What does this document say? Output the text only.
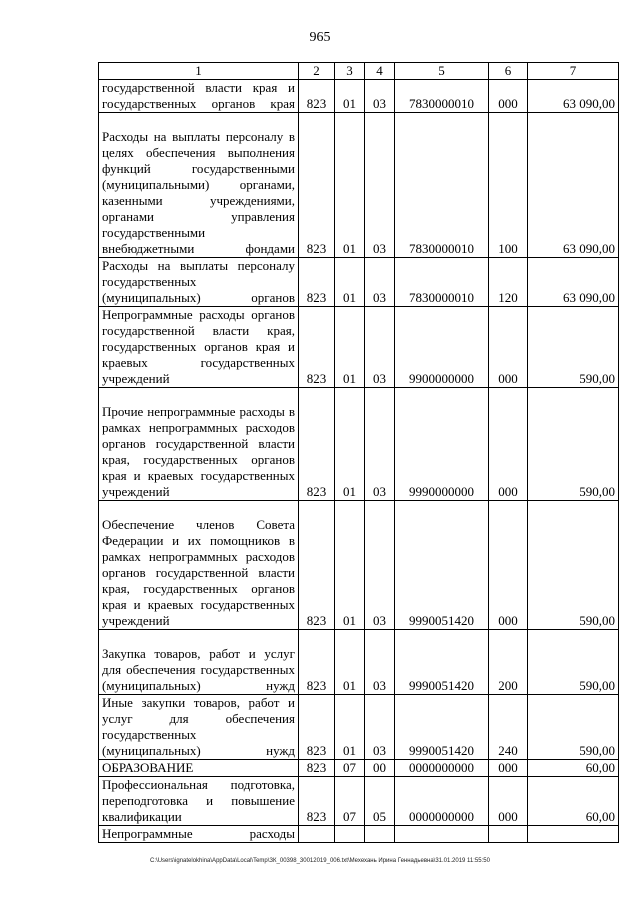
965
1	2	3	4	5	6	7
государственной власти края и государственных органов края	823	01	03	7830000010	000	63 090,00
Расходы на выплаты персоналу в целях обеспечения выполнения функций государственными (муниципальными) органами, казенными учреждениями, органами управления государственными внебюджетными фондами	823	01	03	7830000010	100	63 090,00
Расходы на выплаты персоналу государственных (муниципальных) органов	823	01	03	7830000010	120	63 090,00
Непрограммные расходы органов государственной власти края, государственных органов края и краевых государственных учреждений	823	01	03	9900000000	000	590,00
Прочие непрограммные расходы в рамках непрограммных расходов органов государственной власти края, государственных органов края и краевых государственных учреждений	823	01	03	9990000000	000	590,00
Обеспечение членов Совета Федерации и их помощников в рамках непрограммных расходов органов государственной власти края, государственных органов края и краевых государственных учреждений	823	01	03	9990051420	000	590,00
Закупка товаров, работ и услуг для обеспечения государственных (муниципальных) нужд	823	01	03	9990051420	200	590,00
Иные закупки товаров, работ и услуг для обеспечения государственных (муниципальных) нужд	823	01	03	9990051420	240	590,00
ОБРАЗОВАНИЕ	823	07	00	0000000000	000	60,00
Профессиональная подготовка, переподготовка и повышение квалификации	823	07	05	0000000000	000	60,00
Непрограммные расходы						
C:\Users\ignatelokhina\AppData\Local\Temp\ЗК_00398_30012019_006.txt\Мехехань Ирина Геннадьевна\31.01.2019 11:55:50
